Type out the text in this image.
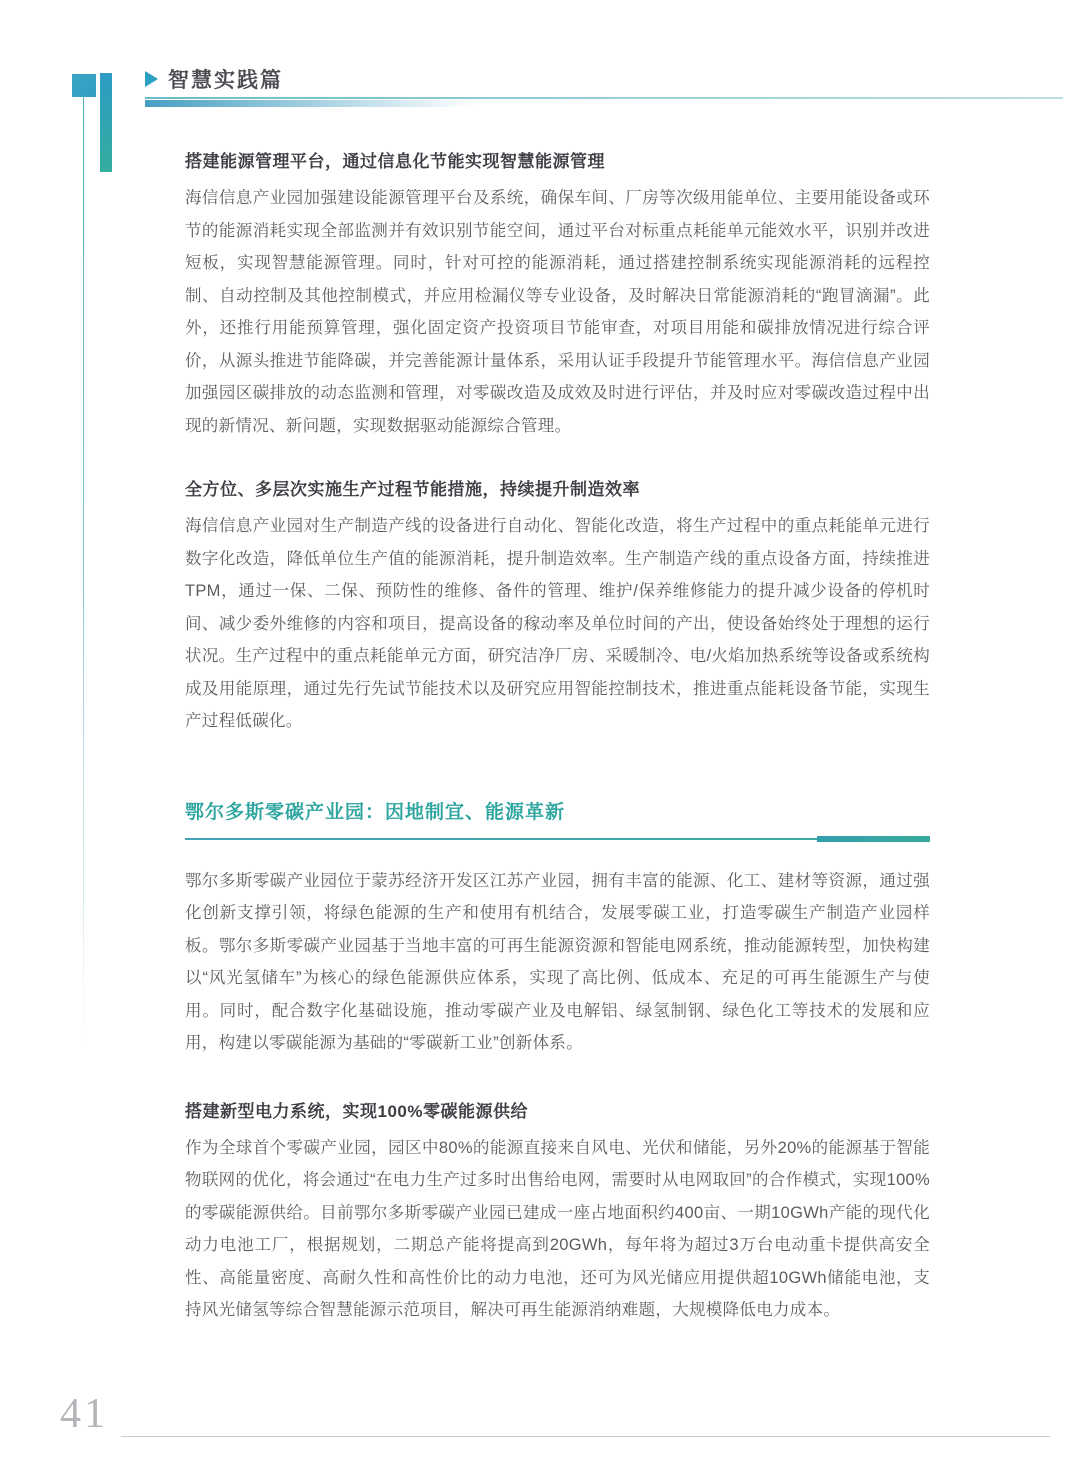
智慧实践篇
搭建能源管理平台，通过信息化节能实现智慧能源管理

海信信息产业园加强建设能源管理平台及系统，确保车间、厂房等次级用能单位、主要用能设备或环节的能源消耗实现全部监测并有效识别节能空间，通过平台对标重点耗能单元能效水平，识别并改进短板，实现智慧能源管理。同时，针对可控的能源消耗，通过搭建控制系统实现能源消耗的远程控制、自动控制及其他控制模式，并应用检漏仪等专业设备，及时解决日常能源消耗的“跑冒滴漏”。此外，还推行用能预算管理，强化固定资产投资项目节能审查，对项目用能和碳排放情况进行综合评价，从源头推进节能降碳，并完善能源计量体系，采用认证手段提升节能管理水平。海信信息产业园加强园区碳排放的动态监测和管理，对零碳改造及成效及时进行评估，并及时应对零碳改造过程中出现的新情况、新问题，实现数据驱动能源综合管理。

全方位、多层次实施生产过程节能措施，持续提升制造效率

海信信息产业园对生产制造产线的设备进行自动化、智能化改造，将生产过程中的重点耗能单元进行数字化改造，降低单位生产值的能源消耗，提升制造效率。生产制造产线的重点设备方面，持续推进TPM，通过一保、二保、预防性的维修、备件的管理、维护/保养维修能力的提升减少设备的停机时间、减少委外维修的内容和项目，提高设备的稼动率及单位时间的产出，使设备始终处于理想的运行状况。生产过程中的重点耗能单元方面，研究洁净厂房、采暖制冷、电/火焰加热系统等设备或系统构成及用能原理，通过先行先试节能技术以及研究应用智能控制技术，推进重点能耗设备节能，实现生产过程低碳化。

鄂尔多斯零碳产业园：因地制宜、能源革新

鄂尔多斯零碳产业园位于蒙苏经济开发区江苏产业园，拥有丰富的能源、化工、建材等资源，通过强化创新支撑引领，将绿色能源的生产和使用有机结合，发展零碳工业，打造零碳生产制造产业园样板。鄂尔多斯零碳产业园基于当地丰富的可再生能源资源和智能电网系统，推动能源转型，加快构建以“风光氢储车”为核心的绿色能源供应体系，实现了高比例、低成本、充足的可再生能源生产与使用。同时，配合数字化基础设施，推动零碳产业及电解铝、绿氢制钢、绿色化工等技术的发展和应用，构建以零碳能源为基础的“零碳新工业”创新体系。

搭建新型电力系统，实现100%零碳能源供给

作为全球首个零碳产业园，园区中80%的能源直接来自风电、光伏和储能，另外20%的能源基于智能物联网的优化，将会通过“在电力生产过多时出售给电网，需要时从电网取回”的合作模式，实现100%的零碳能源供给。目前鄂尔多斯零碳产业园已建成一座占地面积约400亩、一期10GWh产能的现代化动力电池工厂，根据规划，二期总产能将提高到20GWh，每年将为超过3万台电动重卡提供高安全性、高能量密度、高耐久性和高性价比的动力电池，还可为风光储应用提供超10GWh储能电池，支持风光储氢等综合智慧能源示范项目，解决可再生能源消纳难题，大规模降低电力成本。

41
